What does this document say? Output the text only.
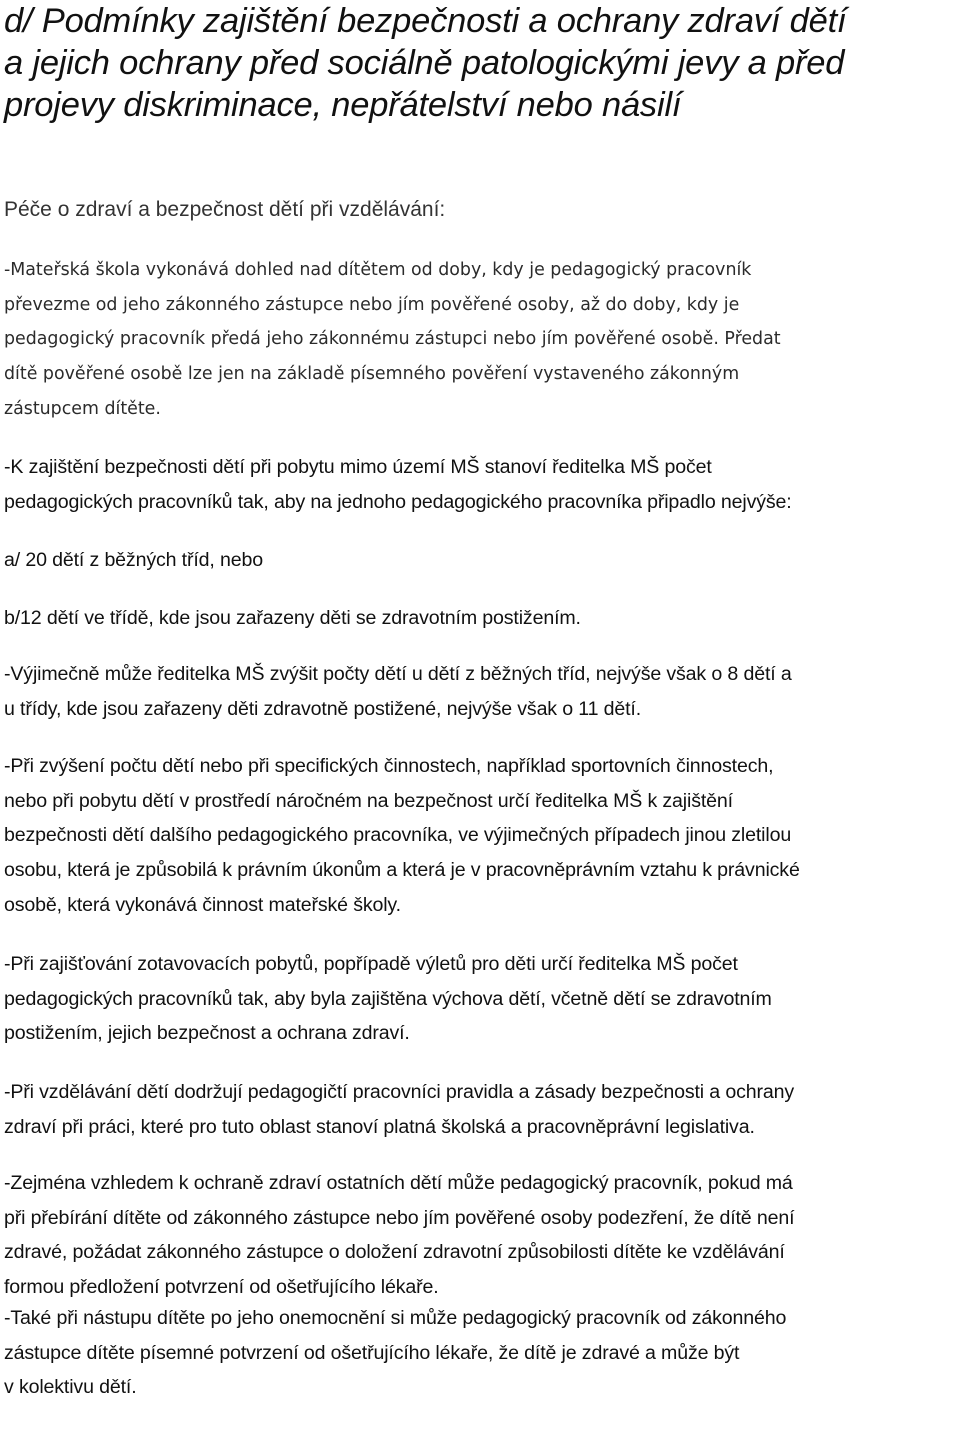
d/ Podmínky zajištění bezpečnosti a ochrany zdraví dětí
a jejich ochrany před sociálně patologickými jevy a před
projevy diskriminace, nepřátelství nebo násilí

Péče o zdraví a bezpečnost dětí při vzdělávání:

-Mateřská škola vykonává dohled nad dítětem od doby, kdy je pedagogický pracovník
převezme od jeho zákonného zástupce nebo jím pověřené osoby, až do doby, kdy je
pedagogický pracovník předá jeho zákonnému zástupci nebo jím pověřené osobě. Předat
dítě pověřené osobě lze jen na základě písemného pověření vystaveného zákonným
zástupcem dítěte.

-K zajištění bezpečnosti dětí při pobytu mimo území MŠ stanoví ředitelka MŠ počet
pedagogických pracovníků tak, aby na jednoho pedagogického pracovníka připadlo nejvýše:

a/ 20 dětí z běžných tříd, nebo

b/12 dětí ve třídě, kde jsou zařazeny děti se zdravotním postižením.

-Výjimečně může ředitelka MŠ zvýšit počty dětí u dětí z běžných tříd, nejvýše však o 8 dětí a
u třídy, kde jsou zařazeny děti zdravotně postižené, nejvýše však o 11 dětí.

-Při zvýšení počtu dětí nebo při specifických činnostech, například sportovních činnostech,
nebo při pobytu dětí v prostředí náročném na bezpečnost určí ředitelka MŠ k zajištění
bezpečnosti dětí dalšího pedagogického pracovníka, ve výjimečných případech jinou zletilou
osobu, která je způsobilá k právním úkonům a která je v pracovněprávním vztahu k právnické
osobě, která vykonává činnost mateřské školy.

-Při zajišťování zotavovacích pobytů, popřípadě výletů pro děti určí ředitelka MŠ počet
pedagogických pracovníků tak, aby byla zajištěna výchova dětí, včetně dětí se zdravotním
postižením, jejich bezpečnost a ochrana zdraví.

-Při vzdělávání dětí dodržují pedagogičtí pracovníci pravidla a zásady bezpečnosti a ochrany
zdraví při práci, které pro tuto oblast stanoví platná školská a pracovněprávní legislativa.

-Zejména vzhledem k ochraně zdraví ostatních dětí může pedagogický pracovník, pokud má
při přebírání dítěte od zákonného zástupce nebo jím pověřené osoby podezření, že dítě není
zdravé, požádat zákonného zástupce o doložení zdravotní způsobilosti dítěte ke vzdělávání
formou předložení potvrzení od ošetřujícího lékaře.

-Také při nástupu dítěte po jeho onemocnění si může pedagogický pracovník od zákonného
zástupce dítěte písemné potvrzení od ošetřujícího lékaře, že dítě je zdravé a může být
v kolektivu dětí.
